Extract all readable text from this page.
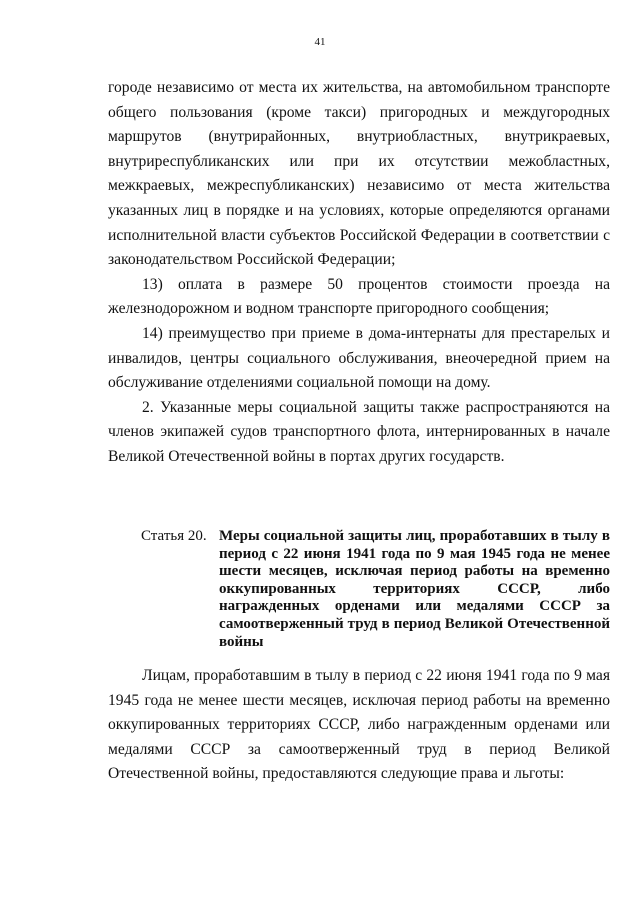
41

городе независимо от места их жительства, на автомобильном транспорте общего пользования (кроме такси) пригородных и междугородных маршрутов (внутрирайонных, внутриобластных, внутрикраевых, внутриреспубликанских или при их отсутствии межобластных, межкраевых, межреспубликанских) независимо от места жительства указанных лиц в порядке и на условиях, которые определяются органами исполнительной власти субъектов Российской Федерации в соответствии с законодательством Российской Федерации;

13) оплата в размере 50 процентов стоимости проезда на железнодорожном и водном транспорте пригородного сообщения;

14) преимущество при приеме в дома-интернаты для престарелых и инвалидов, центры социального обслуживания, внеочередной прием на обслуживание отделениями социальной помощи на дому.

2. Указанные меры социальной защиты также распространяются на членов экипажей судов транспортного флота, интернированных в начале Великой Отечественной войны в портах других государств.

Статья 20. Меры социальной защиты лиц, проработавших в тылу в период с 22 июня 1941 года по 9 мая 1945 года не менее шести месяцев, исключая период работы на временно оккупированных территориях СССР, либо награжденных орденами или медалями СССР за самоотверженный труд в период Великой Отечественной войны

Лицам, проработавшим в тылу в период с 22 июня 1941 года по 9 мая 1945 года не менее шести месяцев, исключая период работы на временно оккупированных территориях СССР, либо награжденным орденами или медалями СССР за самоотверженный труд в период Великой Отечественной войны, предоставляются следующие права и льготы:
